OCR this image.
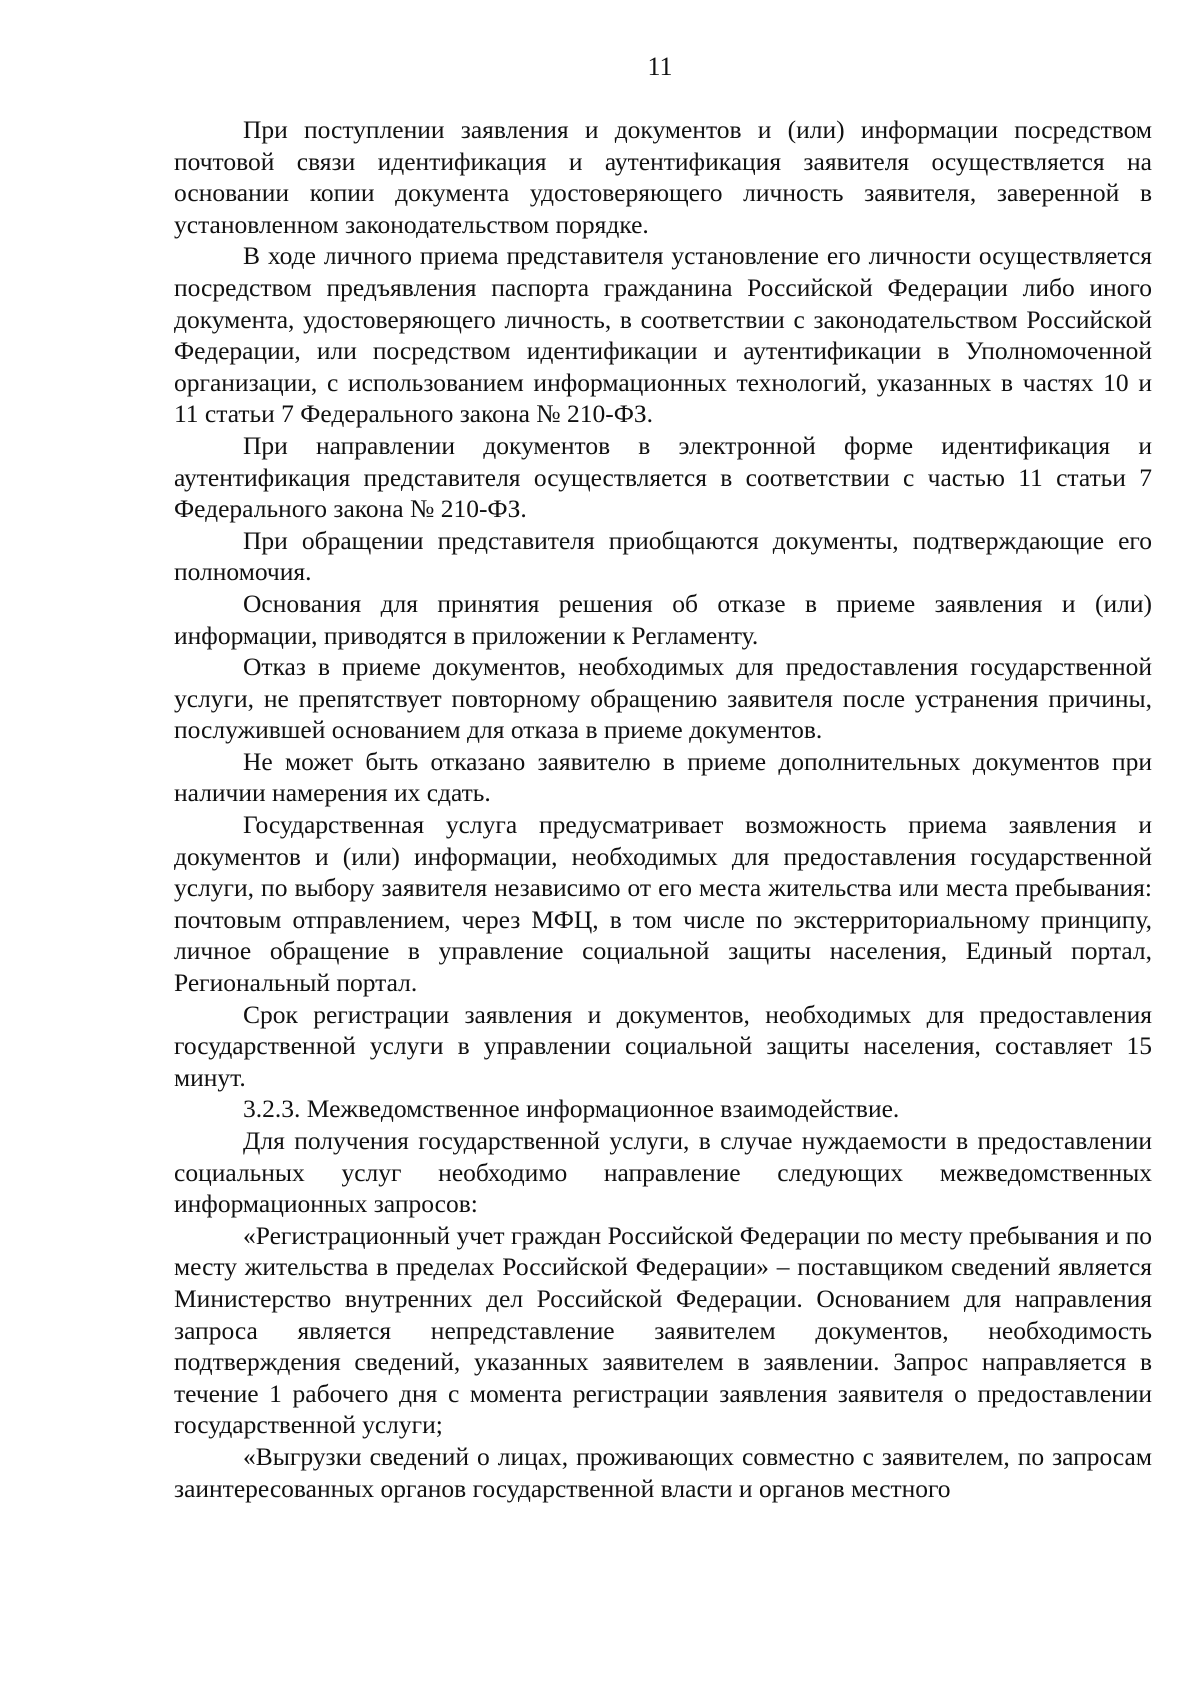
11

При поступлении заявления и документов и (или) информации посредством почтовой связи идентификация и аутентификация заявителя осуществляется на основании копии документа удостоверяющего личность заявителя, заверенной в установленном законодательством порядке.

В ходе личного приема представителя установление его личности осуществляется посредством предъявления паспорта гражданина Российской Федерации либо иного документа, удостоверяющего личность, в соответствии с законодательством Российской Федерации, или посредством идентификации и аутентификации в Уполномоченной организации, с использованием информационных технологий, указанных в частях 10 и 11 статьи 7 Федерального закона № 210-ФЗ.

При направлении документов в электронной форме идентификация и аутентификация представителя осуществляется в соответствии с частью 11 статьи 7 Федерального закона № 210-ФЗ.

При обращении представителя приобщаются документы, подтверждающие его полномочия.

Основания для принятия решения об отказе в приеме заявления и (или) информации, приводятся в приложении к Регламенту.

Отказ в приеме документов, необходимых для предоставления государственной услуги, не препятствует повторному обращению заявителя после устранения причины, послужившей основанием для отказа в приеме документов.

Не может быть отказано заявителю в приеме дополнительных документов при наличии намерения их сдать.

Государственная услуга предусматривает возможность приема заявления и документов и (или) информации, необходимых для предоставления государственной услуги, по выбору заявителя независимо от его места жительства или места пребывания: почтовым отправлением, через МФЦ, в том числе по экстерриториальному принципу, личное обращение в управление социальной защиты населения, Единый портал, Региональный портал.

Срок регистрации заявления и документов, необходимых для предоставления государственной услуги в управлении социальной защиты населения, составляет 15 минут.

3.2.3. Межведомственное информационное взаимодействие.

Для получения государственной услуги, в случае нуждаемости в предоставлении социальных услуг необходимо направление следующих межведомственных информационных запросов:

«Регистрационный учет граждан Российской Федерации по месту пребывания и по месту жительства в пределах Российской Федерации» – поставщиком сведений является Министерство внутренних дел Российской Федерации. Основанием для направления запроса является непредставление заявителем документов, необходимость подтверждения сведений, указанных заявителем в заявлении. Запрос направляется в течение 1 рабочего дня с момента регистрации заявления заявителя о предоставлении государственной услуги;

«Выгрузки сведений о лицах, проживающих совместно с заявителем, по запросам заинтересованных органов государственной власти и органов местного
